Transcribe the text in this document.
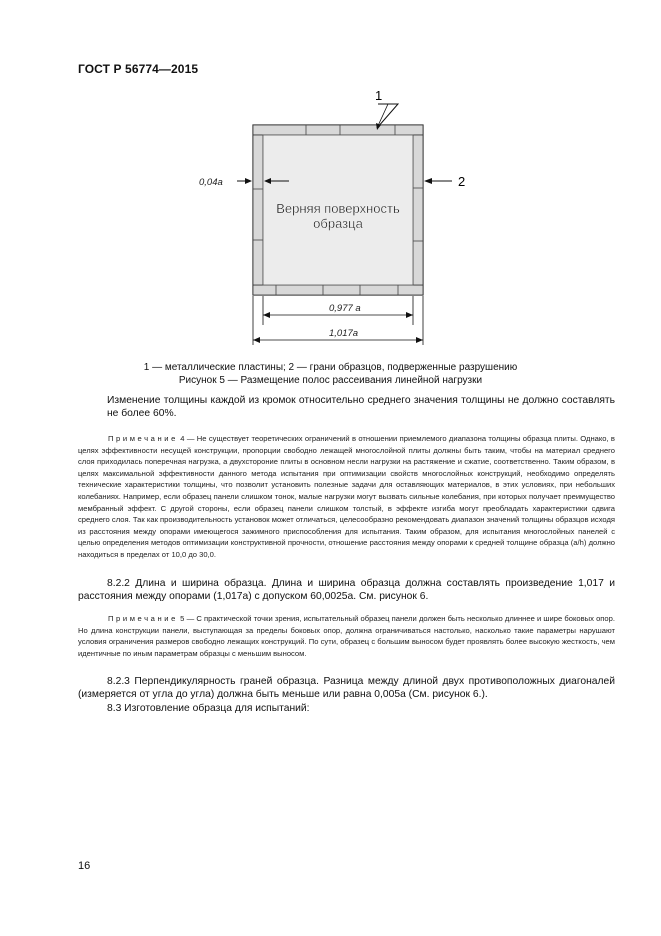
ГОСТ Р 56774—2015
1
2
0,04a
Верняя поверхность
образца
0,977 a
1,017a
1 — металлические пластины; 2 — грани образцов, подверженные разрушению
Рисунок 5 — Размещение полос рассеивания линейной нагрузки
Изменение толщины каждой из кромок относительно среднего значения толщины не должно составлять не более 60%.
Примечание 4 — Не существует теоретических ограничений в отношении приемлемого диапазона толщины образца плиты. Однако, в целях эффективности несущей конструкции, пропорции свободно лежащей многослойной плиты должны быть таким, чтобы на материал среднего слоя приходилась поперечная нагрузка, а двухстороние плиты в основном несли нагрузки на растяжение и сжатие, соответственно. Таким образом, в целях максимальной эффективности данного метода испытания при оптимизации свойств многослойных конструкций, необходимо определять технические характеристики толщины, что позволит установить полезные задачи для оставляющих материалов, в этих условиях, при небольших колебаниях. Например, если образец панели слишком тонок, малые нагрузки могут вызвать сильные колебания, при которых получает преимущество мембранный эффект. С другой стороны, если образец панели слишком толстый, в эффекте изгиба могут преобладать характеристики сдвига среднего слоя. Так как производительность установок может отличаться, целесообразно рекомендовать диапазон значений толщины образцов исходя из расстояния между опорами имеющегося зажимного приспособления для испытания. Таким образом, для испытания многослойных панелей с целью определения методов оптимизации конструктивной прочности, отношение расстояния между опорами к средней толщине образца (a/h) должно находиться в пределах от 10,0 до 30,0.
8.2.2 Длина и ширина образца. Длина и ширина образца должна составлять произведение 1,017 и расстояния между опорами (1,017а) с допуском 60,0025а. См. рисунок 6.
Примечание 5 — С практической точки зрения, испытательный образец панели должен быть несколько длиннее и шире боковых опор. Но длина конструкции панели, выступающая за пределы боковых опор, должна ограничиваться настолько, насколько такие параметры нарушают условия ограничения размеров свободно лежащих конструкций. По сути, образец с большим выносом будет проявлять более высокую жесткость, чем идентичные по иным параметрам образцы с меньшим выносом.
8.2.3 Перпендикулярность граней образца. Разница между длиной двух противоположных диагоналей (измеряется от угла до угла) должна быть меньше или равна 0,005а (См. рисунок 6.).
8.3 Изготовление образца для испытаний:
16
